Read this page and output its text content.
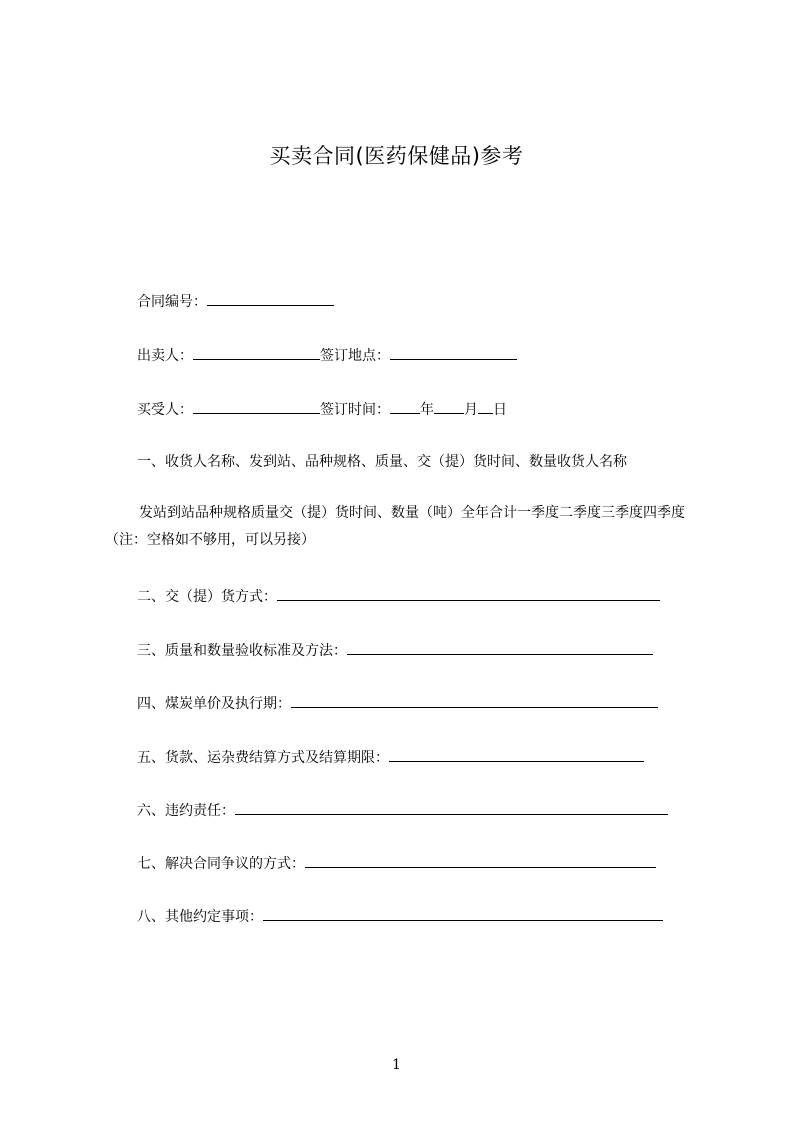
买卖合同(医药保健品)参考
合同编号：
出卖人：	签订地点：
买受人：	签订时间： 年 月 日
一、收货人名称、发到站、品种规格、质量、交（提）货时间、数量收货人名称
发站到站品种规格质量交（提）货时间、数量（吨）全年合计一季度二季度三季度四季度（注：空格如不够用，可以另接）
二、交（提）货方式：
三、质量和数量验收标准及方法：
四、煤炭单价及执行期：
五、货款、运杂费结算方式及结算期限：
六、违约责任：
七、解决合同争议的方式：
八、其他约定事项：
1
